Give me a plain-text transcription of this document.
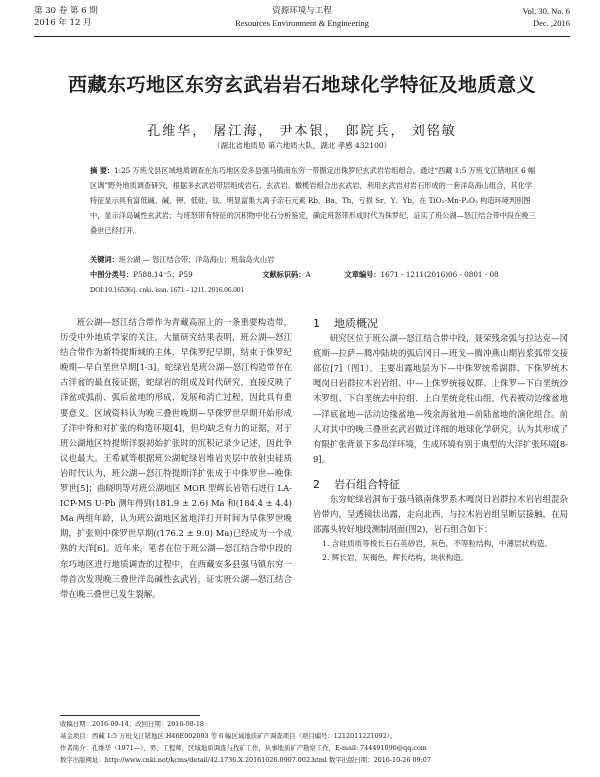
第 30 卷 第 6 期
2016 年 12 月
资源环境与工程
Resources Environment & Engineering
Vol. 30, No. 6
Dec. ,2016
西藏东巧地区东穷玄武岩岩石地球化学特征及地质意义
孔维华， 屠江海， 尹本银， 郎院兵， 刘铭敏
（湖北省地质局 第六地质大队，湖北 孝感 432100）
摘 要：1:25 万班戈县区域地质调查在东巧地区安多县强马镇南东穷一带圈定出侏罗纪玄武岩岩组组合。通过“西藏 1:5 万班戈江错地区 6 幅区调”野外地质调查研究，根据多玄武岩带层组成岩石、玄武岩、橄榄岩组合出玄武岩，利用玄武岩对岩石形成的一套洋岛海山组合，其化学特征显示具有富低碱、碱、钾、低硅、钛、明显富集大离子亲石元素 Rb、Ba、Th，亏损 Sr、Y、Yb，在 TiO₂-Mn-P₂O₅ 构造环境判别图中，显示洋岛碱性玄武岩；与班怒带有特征的沉积物中化石分析鉴定，确定班怒带形成时代为侏罗纪，证实了班公湖—怒江结合带中段在晚三叠世已经打开。
关键词：班公湖 — 怒江结合带；洋岛海山；班翁岛火山岩
中图分类号：P588.14⁺5；P59	文献标识码：A	文章编号：1671 - 1211(2016)06 - 0801 - 08
DOI:10.16536/j. cnki. issn. 1671 - 1211. 2016.06.001

班公湖—怒江结合带作为青藏高原上的一条重要构造带，历受中外地质学家的关注，大量研究结果表明，班公湖—怒江结合带作为新特提斯域的主体，早侏罗纪早期，结束于侏罗纪晚期—早白垩世早期[1-3]。蛇绿岩是班公湖—怒江构造带存在古洋盆的最直接证据，蛇绿岩的组成及时代研究，直接反映了洋盆或弧前、弧后盆地的形成、发展和消亡过程，因此具有重要意义。区域资料认为晚三叠世晚期—早侏罗世早期开始形成了洋中脊和对扩张的构造环境[4]，但均缺乏有力的证据，对于班公湖地区特提斯洋裂初始扩张时的沉积记录少记述，因此争议也最大。王希斌等根据班公湖蛇绿岩堆岩夹层中放射虫硅质岩时代认为，班公湖—怒江特提斯洋扩张成于中侏罗世—晚侏罗世[5]；曲晓明等对班公湖地区 MOR 型辉长岩锆石进行 LA-ICP-MS U-Pb 测年得到(181.9 ± 2.6) Ma 和(184.4 ± 4.4) Ma 两组年龄，认为班公湖地区盆地洋打开时间为早侏罗世晚期，扩张则中侏罗世早期((176.2 ± 9.0) Ma)已经成为一个成熟的大洋[6]。近年来，笔者在位于班公湖—怒江结合带中段的东巧地区进行地质调查的过程中，在西藏安多县强马镇东穷一带首次发现晚三叠世洋岛碱性玄武岩，证实班公湖—怒江结合带在晚三叠世已发生裂解。

1 地质概况

研究区位于班公湖—怒江结合带中段，聂荣残余弧与拉达克—冈底斯—拉萨—腾冲陆块的弧后冈日—班戈—腾冲燕山期岩浆弧带交接部位[7]（图1）。主要出露地层为下—中侏罗统希湖群、下侏罗统木嘎岗日岩群拉木岩岩组、中—上侏罗统接奴群、上侏罗—下白垩统沙木罗组、下白垩统去申拉组、上白垩统竞柱山组，代表被动边缘盆地—洋底盆地—活动边缘盆地—残余海盆地—前陆盆地的演化组合。前人对其中的晚三叠世玄武岩做过详细的地球化学研究，认为其形成了有限扩张背景下多岛洋环境，生成环境有别于典型的大洋扩张环境[8-9]。

2 岩石组合特征

东穷蛇绿岩洞布于强马镇南侏罗系木嘎岗日岩群拉木岩岩组混杂岩带内，呈透镜状出露，走向北西，与拉木岩岩组呈断层接触，在局部露头较好地段测制剖面(图2)，岩石组合如下：

1. 含硅质质等棱长石石英砂岩，灰色，不等粒结构，中薄层状构造。

2. 辉长岩，灰褐色，辉长结构，块状构造。

收稿日期：2016-09-14；改回日期：2016-08-18
基金项目：西藏 1:5 万班戈江错地区 H46E002003 等 6 幅区域地质矿产调查项目（项目编号：1212011221092）。
作者简介：孔维华（1971—），男，工程师，区域地质调查与找矿工作，从事地质矿产勘察工作，E-mail: 744491090@qq.com
数字出版网址：http://www.cnki.net/kcms/detail/42.1736.X.20161026.0907.002.html 数字出版日期：2016-10-26 09:07
